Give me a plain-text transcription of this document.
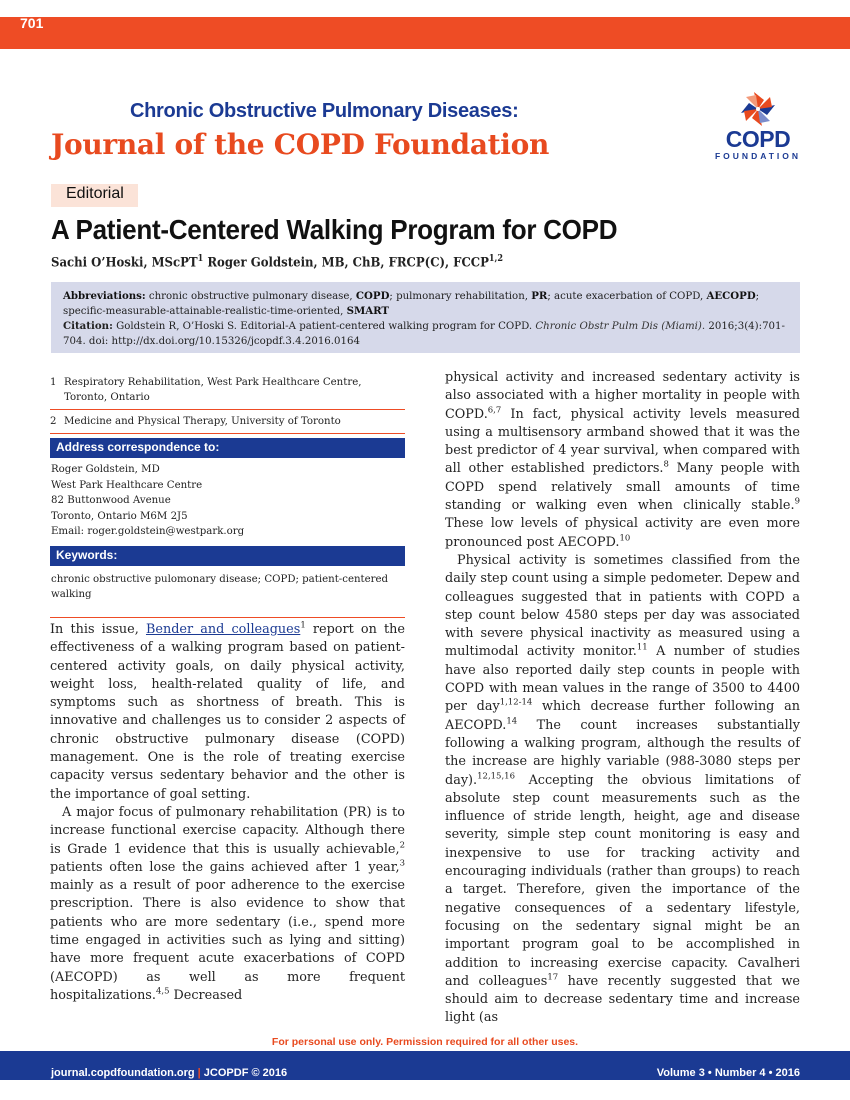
701
Chronic Obstructive Pulmonary Diseases:
Journal of the COPD Foundation	COPD
FOUNDATION
Editorial
A Patient-Centered Walking Program for COPD
Sachi O’Hoski, MScPT$^1$ Roger Goldstein, MB, ChB, FRCP(C), FCCP$^{1,2}$
Abbreviations: chronic obstructive pulmonary disease, COPD; pulmonary rehabilitation, PR; acute exacerbation of COPD, AECOPD; specific-measurable-attainable-realistic-time-oriented, SMART
Citation: Goldstein R, O’Hoski S. Editorial-A patient-centered walking program for COPD. Chronic Obstr Pulm Dis (Miami). 2016;3(4):701-704. doi: http://dx.doi.org/10.15326/jcopdf.3.4.2016.0164
1 Respiratory Rehabilitation, West Park Healthcare Centre, Toronto, Ontario
2 Medicine and Physical Therapy, University of Toronto
Address correspondence to:
Roger Goldstein, MD
West Park Healthcare Centre
82 Buttonwood Avenue
Toronto, Ontario M6M 2J5
Email: roger.goldstein@westpark.org
Keywords:
chronic obstructive pulomonary disease; COPD; patient-centered walking

In this issue, Bender and colleagues$^1$ report on the effectiveness of a walking program based on patient-centered activity goals, on daily physical activity, weight loss, health-related quality of life, and symptoms such as shortness of breath. This is innovative and challenges us to consider 2 aspects of chronic obstructive pulmonary disease (COPD) management. One is the role of treating exercise capacity versus sedentary behavior and the other is the importance of goal setting.

A major focus of pulmonary rehabilitation (PR) is to increase functional exercise capacity. Although there is Grade 1 evidence that this is usually achievable,$^2$ patients often lose the gains achieved after 1 year,$^3$ mainly as a result of poor adherence to the exercise prescription. There is also evidence to show that patients who are more sedentary (i.e., spend more time engaged in activities such as lying and sitting) have more frequent acute exacerbations of COPD (AECOPD) as well as more frequent hospitalizations.$^{4,5}$ Decreased

physical activity and increased sedentary activity is also associated with a higher mortality in people with COPD.$^{6,7}$ In fact, physical activity levels measured using a multisensory armband showed that it was the best predictor of 4 year survival, when compared with all other established predictors.$^8$ Many people with COPD spend relatively small amounts of time standing or walking even when clinically stable.$^9$ These low levels of physical activity are even more pronounced post AECOPD.$^{10}$

Physical activity is sometimes classified from the daily step count using a simple pedometer. Depew and colleagues suggested that in patients with COPD a step count below 4580 steps per day was associated with severe physical inactivity as measured using a multimodal activity monitor.$^{11}$ A number of studies have also reported daily step counts in people with COPD with mean values in the range of 3500 to 4400 per day$^{1,12-14}$ which decrease further following an AECOPD.$^{14}$ The count increases substantially following a walking program, although the results of the increase are highly variable (988-3080 steps per day).$^{12,15,16}$ Accepting the obvious limitations of absolute step count measurements such as the influence of stride length, height, age and disease severity, simple step count monitoring is easy and inexpensive to use for tracking activity and encouraging individuals (rather than groups) to reach a target. Therefore, given the importance of the negative consequences of a sedentary lifestyle, focusing on the sedentary signal might be an important program goal to be accomplished in addition to increasing exercise capacity. Cavalheri and colleagues$^{17}$ have recently suggested that we should aim to decrease sedentary time and increase light (as

For personal use only. Permission required for all other uses.
journal.copdfoundation.org | JCOPDF © 2016	Volume 3 • Number 4 • 2016
